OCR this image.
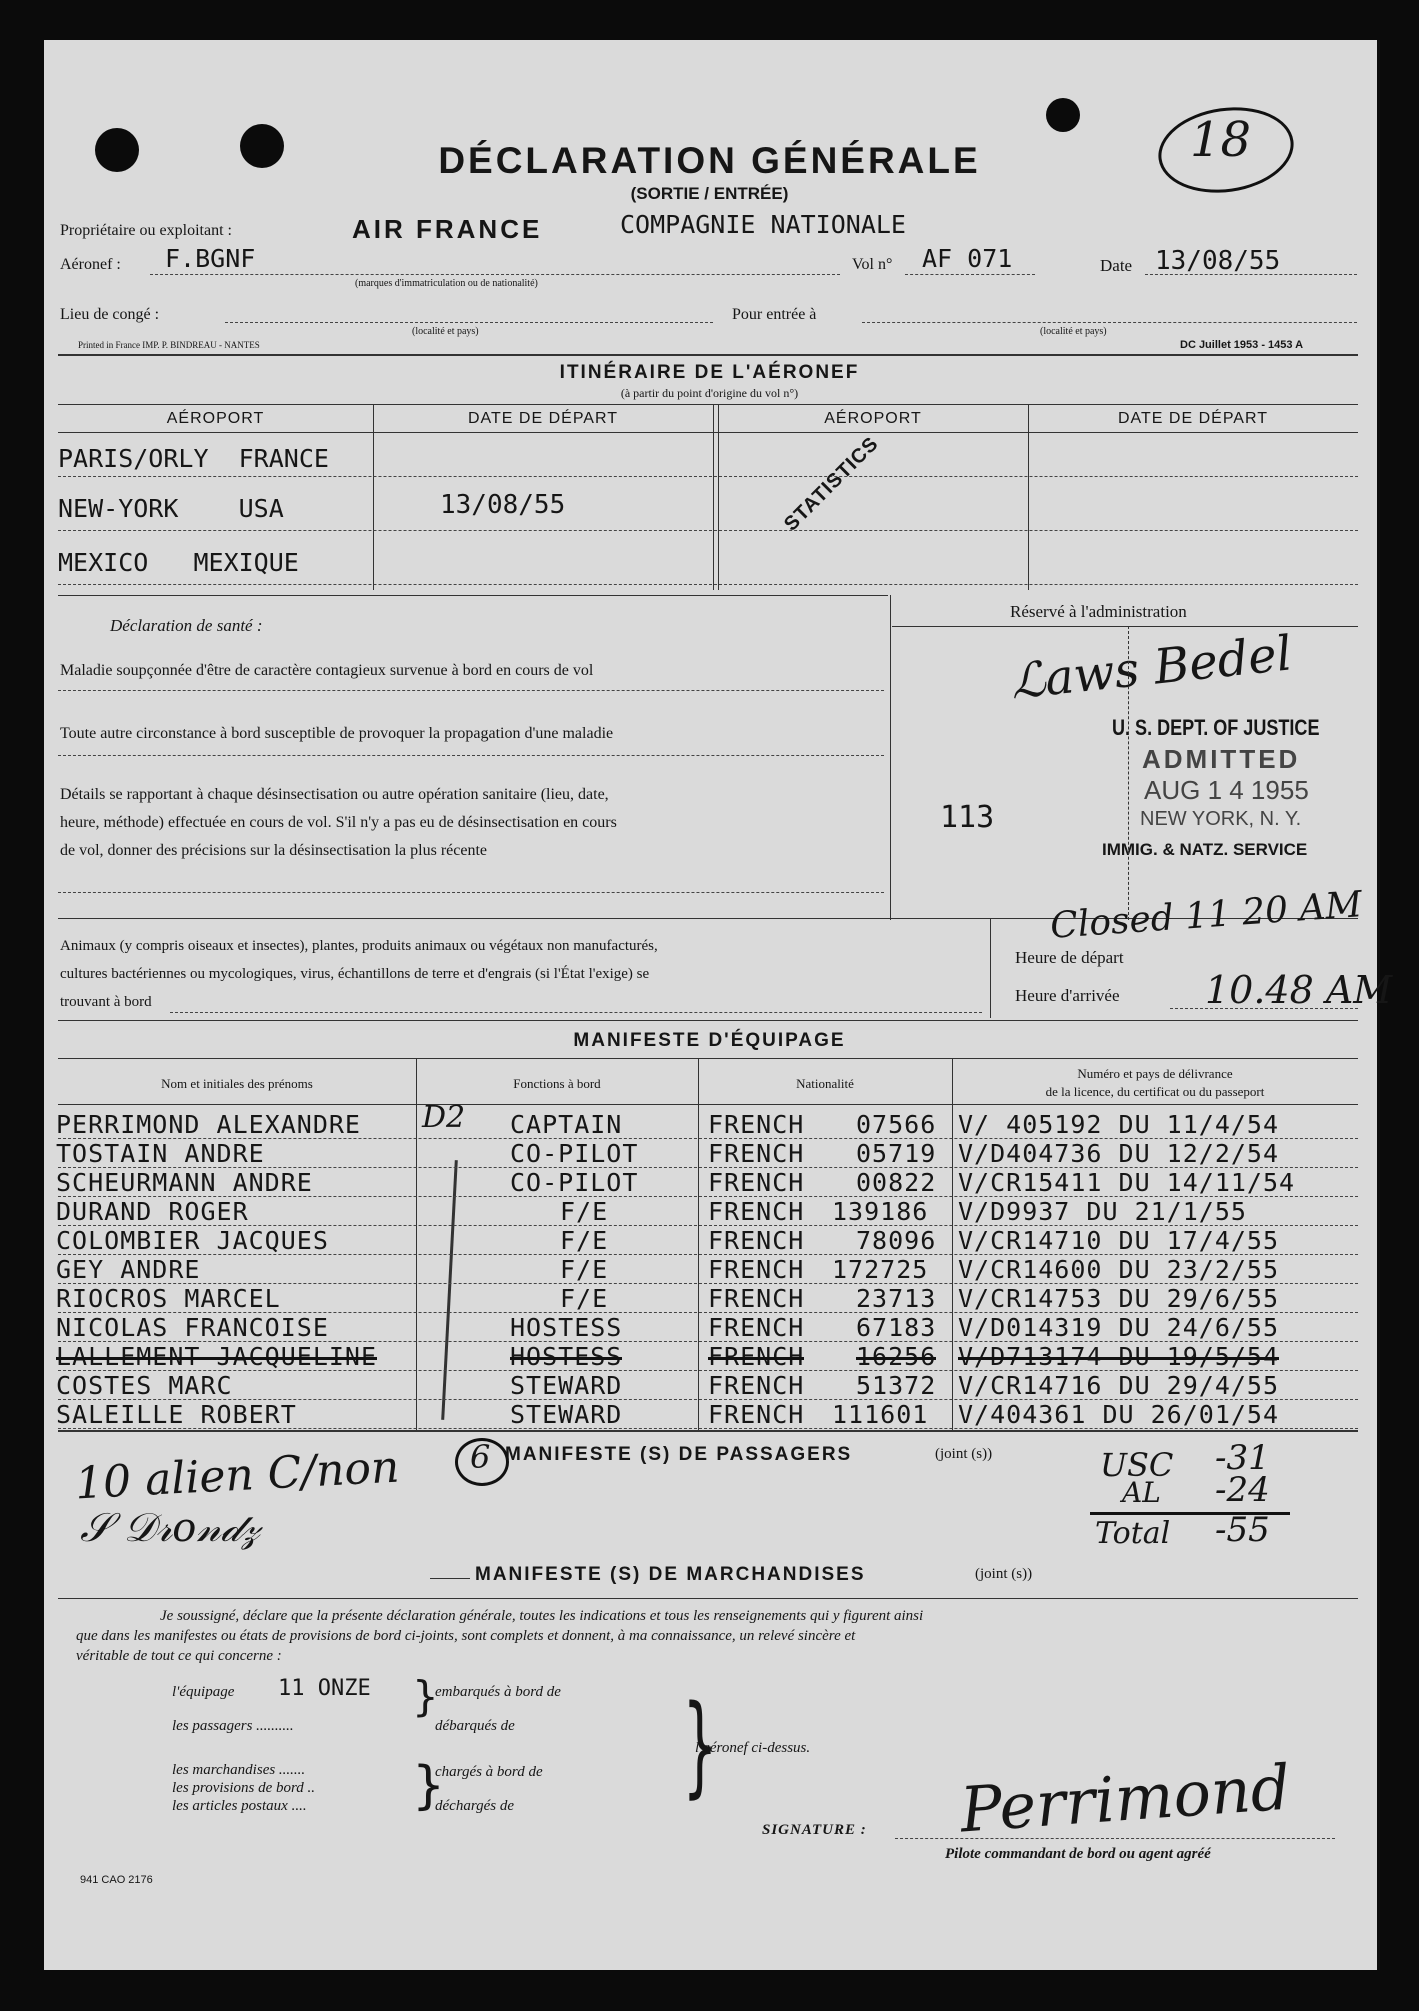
18
DÉCLARATION GÉNÉRALE
(SORTIE / ENTRÉE)
Propriétaire ou exploitant :	AIR FRANCE	COMPAGNIE NATIONALE
Aéronef : F.BGNF
(marques d'immatriculation ou de nationalité)
Vol n° AF 071	Date 13/08/55
Lieu de congé :
(localité et pays)
Pour entrée à
(localité et pays)
Printed in France IMP. P. BINDREAU - NANTES	DC Juillet 1953 - 1453 A
ITINÉRAIRE DE L'AÉRONEF
(à partir du point d'origine du vol n°)
AÉROPORT	DATE DE DÉPART	AÉROPORT	DATE DE DÉPART
PARIS/ORLY  FRANCE
NEW-YORK    USA	13/08/55
MEXICO   MEXIQUE
STATISTICS
Déclaration de santé :
Maladie soupçonnée d'être de caractère contagieux survenue à bord en cours de vol
Toute autre circonstance à bord susceptible de provoquer la propagation d'une maladie
Détails se rapportant à chaque désinsectisation ou autre opération sanitaire (lieu, date,
heure, méthode) effectuée en cours de vol. S'il n'y a pas eu de désinsectisation en cours
de vol, donner des précisions sur la désinsectisation la plus récente
Réservé à l'administration
113
ℒaws Bedel
U. S. DEPT. OF JUSTICE
ADMITTED
AUG 1 4 1955
NEW YORK, N. Y.
IMMIG. & NATZ. SERVICE
Animaux (y compris oiseaux et insectes), plantes, produits animaux ou végétaux non manufacturés,
cultures bactériennes ou mycologiques, virus, échantillons de terre et d'engrais (si l'État l'exige) se
trouvant à bord
Heure de départ
Closed 11 20 AM
Heure d'arrivée 10.48 AM
MANIFESTE D'ÉQUIPAGE
Nom et initiales des prénoms	Fonctions à bord	Nationalité
Numéro et pays de délivrance
de la licence, du certificat ou du passeport
D2
PERRIMOND ALEXANDRE	CAPTAIN	FRENCH 07566 V/ 405192 DU 11/4/54
TOSTAIN ANDRE	CO-PILOT	FRENCH 05719 V/D404736 DU 12/2/54
SCHEURMANN ANDRE	CO-PILOT	FRENCH 00822 V/CR15411 DU 14/11/54
DURAND ROGER	F/E	FRENCH 139186 V/D9937 DU 21/1/55
COLOMBIER JACQUES	F/E	FRENCH 78096 V/CR14710 DU 17/4/55
GEY ANDRE	F/E	FRENCH 172725 V/CR14600 DU 23/2/55
RIOCROS MARCEL	F/E	FRENCH 23713 V/CR14753 DU 29/6/55
NICOLAS FRANCOISE	HOSTESS	FRENCH 67183 V/D014319 DU 24/6/55
LALLEMENT JACQUELINE	HOSTESS	FRENCH 16256 V/D713174 DU 19/5/54
COSTES MARC	STEWARD	FRENCH 51372 V/CR14716 DU 29/4/55
SALEILLE ROBERT	STEWARD	FRENCH 111601 V/404361 DU 26/01/54
MANIFESTE (S) DE PASSAGERS	(joint (s))
6
10 alien C/non
𝒮 𝒟𝓇𝑜𝓃𝒹𝓏
USC -31
AL -24
Total -55
MANIFESTE (S) DE MARCHANDISES	(joint (s))
Je soussigné, déclare que la présente déclaration générale, toutes les indications et tous les renseignements qui y figurent ainsi
que dans les manifestes ou états de provisions de bord ci-joints, sont complets et donnent, à ma connaissance, un relevé sincère et
véritable de tout ce qui concerne :
l'équipage 11 ONZE	embarqués à bord de
les passagers ..........	débarqués de
}
les marchandises .......
les provisions de bord ..
les articles postaux ....
chargés à bord de
déchargés de
} }
l'aéronef ci-dessus.
SIGNATURE : Perrimond
Pilote commandant de bord ou agent agréé
941 CAO 2176
